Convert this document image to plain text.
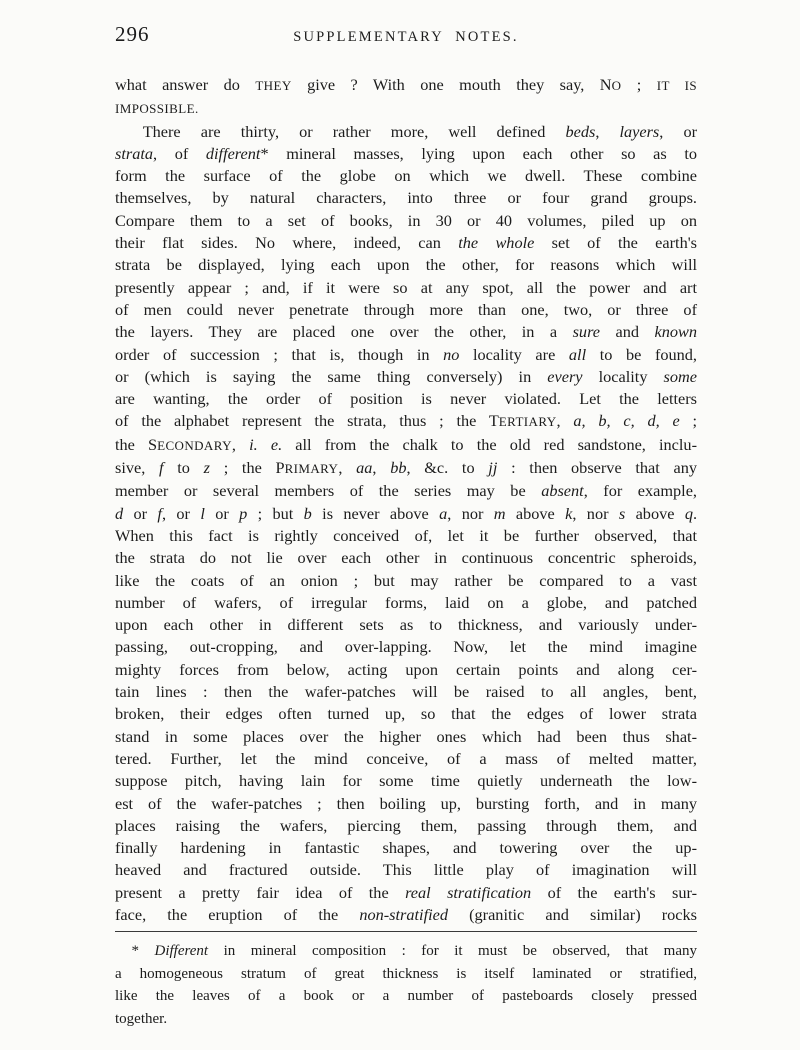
296	SUPPLEMENTARY NOTES.
what answer do THEY give ? With one mouth they say, NO ; IT IS
IMPOSSIBLE.
There are thirty, or rather more, well defined beds, layers, or
strata, of different* mineral masses, lying upon each other so as to
form the surface of the globe on which we dwell. These combine
themselves, by natural characters, into three or four grand groups.
Compare them to a set of books, in 30 or 40 volumes, piled up on
their flat sides. No where, indeed, can the whole set of the earth's
strata be displayed, lying each upon the other, for reasons which will
presently appear ; and, if it were so at any spot, all the power and art
of men could never penetrate through more than one, two, or three of
the layers. They are placed one over the other, in a sure and known
order of succession ; that is, though in no locality are all to be found,
or (which is saying the same thing conversely) in every locality some
are wanting, the order of position is never violated. Let the letters
of the alphabet represent the strata, thus ; the TERTIARY, a, b, c, d, e ;
the SECONDARY, i. e. all from the chalk to the old red sandstone, inclu-
sive, f to z ; the PRIMARY, aa, bb, &c. to jj : then observe that any
member or several members of the series may be absent, for example,
d or f, or l or p ; but b is never above a, nor m above k, nor s above q.
When this fact is rightly conceived of, let it be further observed, that
the strata do not lie over each other in continuous concentric spheroids,
like the coats of an onion ; but may rather be compared to a vast
number of wafers, of irregular forms, laid on a globe, and patched
upon each other in different sets as to thickness, and variously under-
passing, out-cropping, and over-lapping. Now, let the mind imagine
mighty forces from below, acting upon certain points and along cer-
tain lines : then the wafer-patches will be raised to all angles, bent,
broken, their edges often turned up, so that the edges of lower strata
stand in some places over the higher ones which had been thus shat-
tered. Further, let the mind conceive, of a mass of melted matter,
suppose pitch, having lain for some time quietly underneath the low-
est of the wafer-patches ; then boiling up, bursting forth, and in many
places raising the wafers, piercing them, passing through them, and
finally hardening in fantastic shapes, and towering over the up-
heaved and fractured outside. This little play of imagination will
present a pretty fair idea of the real stratification of the earth's sur-
face, the eruption of the non-stratified (granitic and similar) rocks
* Different in mineral composition : for it must be observed, that many
a homogeneous stratum of great thickness is itself laminated or stratified,
like the leaves of a book or a number of pasteboards closely pressed
together.
